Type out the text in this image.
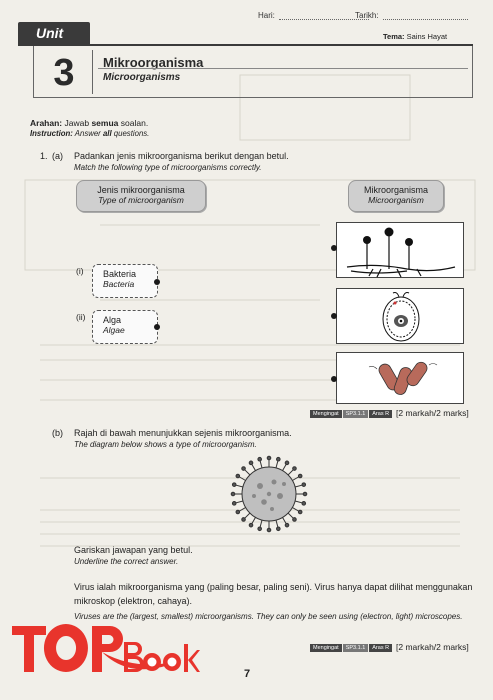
Hari:	Tarikh:
Unit	Tema: Sains Hayat
3	Mikroorganisma
Microorganisms
Arahan: Jawab semua soalan.
Instruction: Answer all questions.
1. (a) Padankan jenis mikroorganisma berikut dengan betul.
Match the following type of microorganisms correctly.
Jenis mikroorganisma
Type of microorganism
Mikroorganisma
Microorganism
(i)	Bakteria
Bacteria
(ii)	Alga
Algae
Mengingat SP3.1.1 Aras R [2 markah/2 marks]
(b) Rajah di bawah menunjukkan sejenis mikroorganisma.
The diagram below shows a type of microorganism.
Gariskan jawapan yang betul.
Underline the correct answer.
Virus ialah mikroorganisma yang (paling besar, paling seni). Virus hanya dapat dilihat menggunakan mikroskop (elektron, cahaya).
Viruses are the (largest, smallest) microorganisms. They can only be seen using (electron, light) microscopes.
Mengingat SP3.1.1 Aras R [2 markah/2 marks]
7
